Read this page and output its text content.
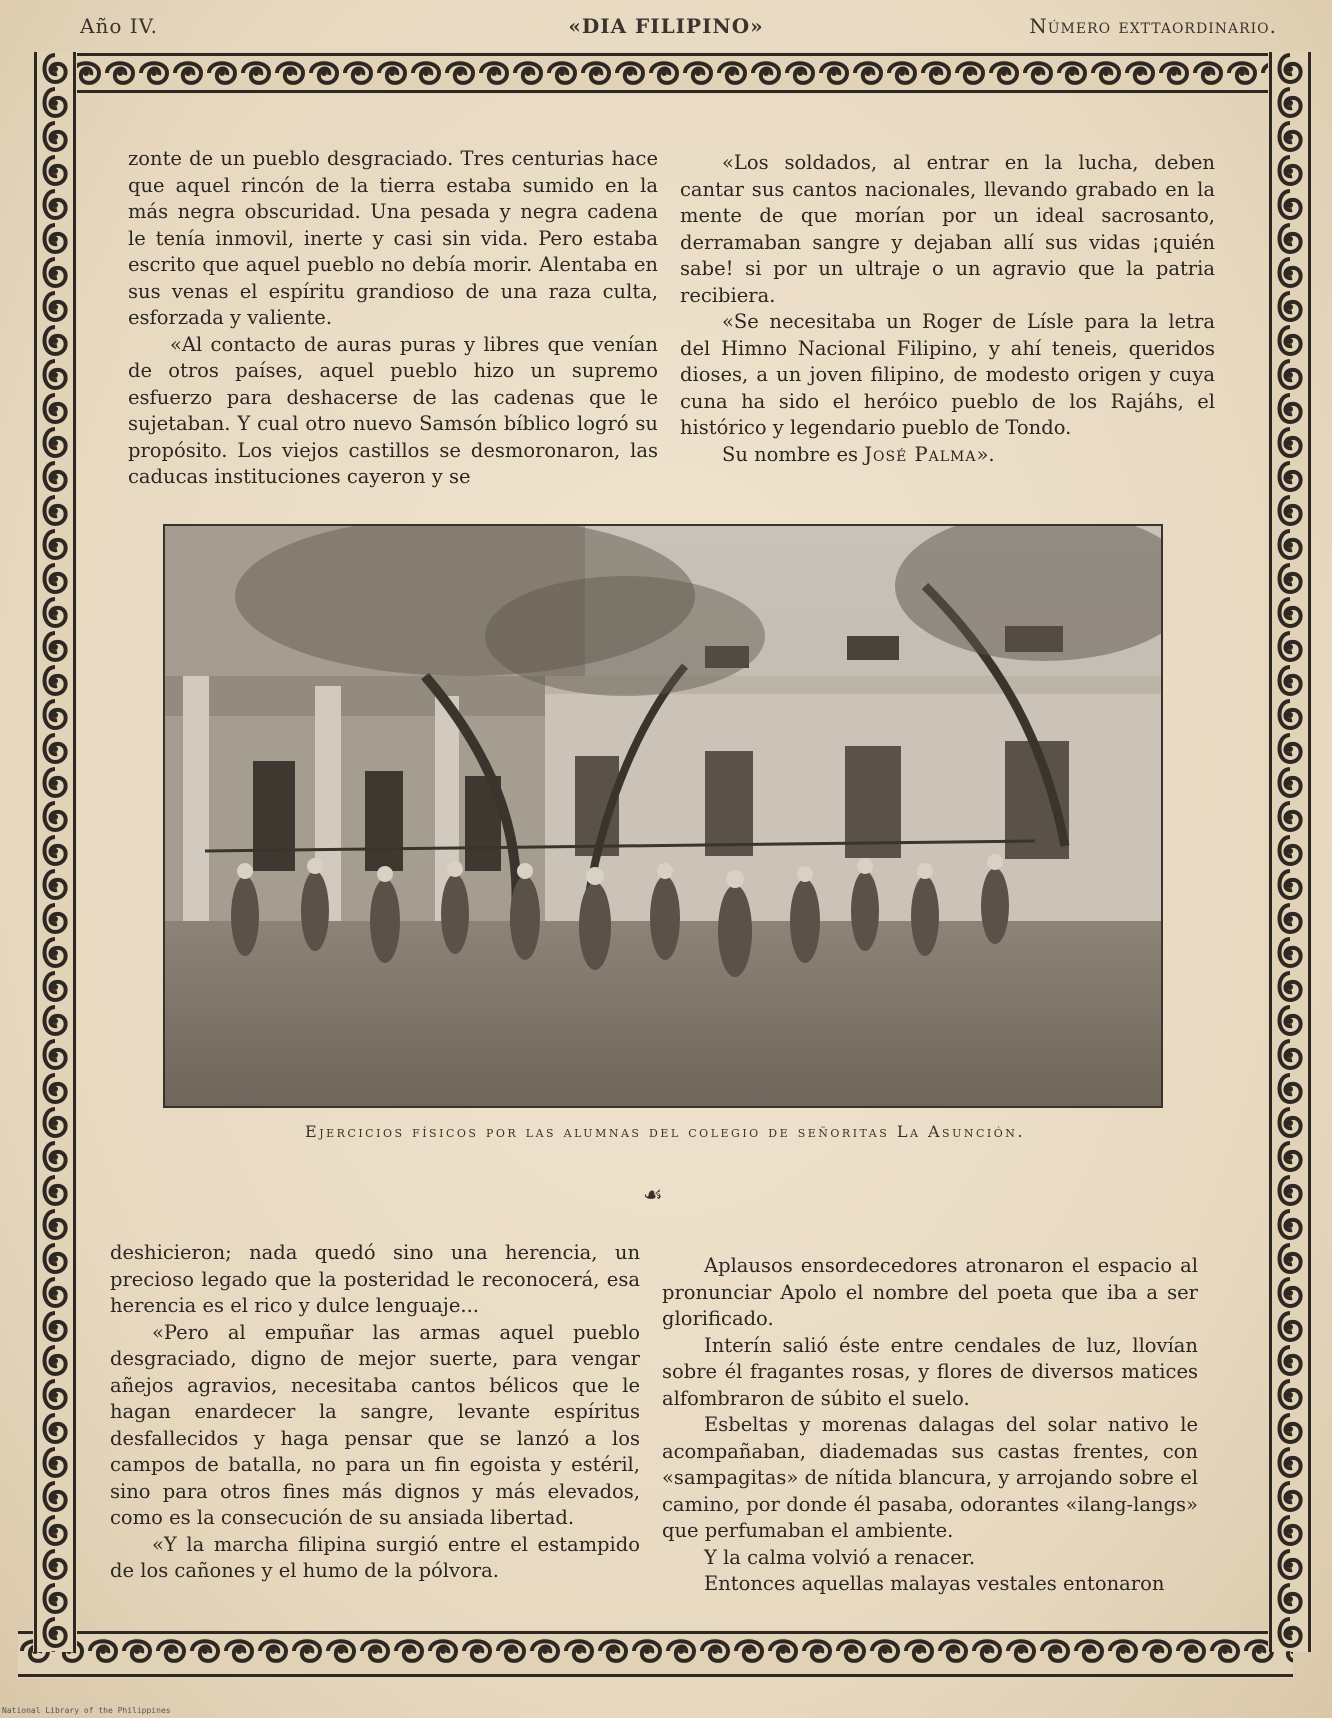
Año IV.	«DIA FILIPINO»	Número exttaordinario.

zonte de un pueblo desgraciado. Tres centurias hace que aquel rincón de la tierra estaba sumido en la más negra obscuridad. Una pesada y negra cadena le tenía inmovil, inerte y casi sin vida. Pero estaba escrito que aquel pueblo no debía morir. Alentaba en sus venas el espíritu grandioso de una raza culta, esforzada y valiente.

«Al contacto de auras puras y libres que venían de otros países, aquel pueblo hizo un supremo esfuerzo para deshacerse de las cadenas que le sujetaban. Y cual otro nuevo Samsón bíblico logró su propósito. Los viejos castillos se desmoronaron, las caducas instituciones cayeron y se

«Los soldados, al entrar en la lucha, deben cantar sus cantos nacionales, llevando grabado en la mente de que morían por un ideal sacrosanto, derramaban sangre y dejaban allí sus vidas ¡quién sabe! si por un ultraje o un agravio que la patria recibiera.

«Se necesitaba un Roger de Lísle para la letra del Himno Nacional Filipino, y ahí teneis, queridos dioses, a un joven filipino, de modesto origen y cuya cuna ha sido el heróico pueblo de los Rajáhs, el histórico y legendario pueblo de Tondo.

Su nombre es José Palma».

Ejercicios físicos por las alumnas del colegio de señoritas La Asunción.
☙

deshicieron; nada quedó sino una herencia, un precioso legado que la posteridad le reconocerá, esa herencia es el rico y dulce lenguaje...

«Pero al empuñar las armas aquel pueblo desgraciado, digno de mejor suerte, para vengar añejos agravios, necesitaba cantos bélicos que le hagan enardecer la sangre, levante espíritus desfallecidos y haga pensar que se lanzó a los campos de batalla, no para un fin egoista y estéril, sino para otros fines más dignos y más elevados, como es la consecución de su ansiada libertad.

«Y la marcha filipina surgió entre el estampido de los cañones y el humo de la pólvora.

Aplausos ensordecedores atronaron el espacio al pronunciar Apolo el nombre del poeta que iba a ser glorificado.

Interín salió éste entre cendales de luz, llovían sobre él fragantes rosas, y flores de diversos matices alfombraron de súbito el suelo.

Esbeltas y morenas dalagas del solar nativo le acompañaban, diademadas sus castas frentes, con «sampagitas» de nítida blancura, y arrojando sobre el camino, por donde él pasaba, odorantes «ilang-langs» que perfumaban el ambiente.

Y la calma volvió a renacer.

Entonces aquellas malayas vestales entonaron

National Library of the Philippines
